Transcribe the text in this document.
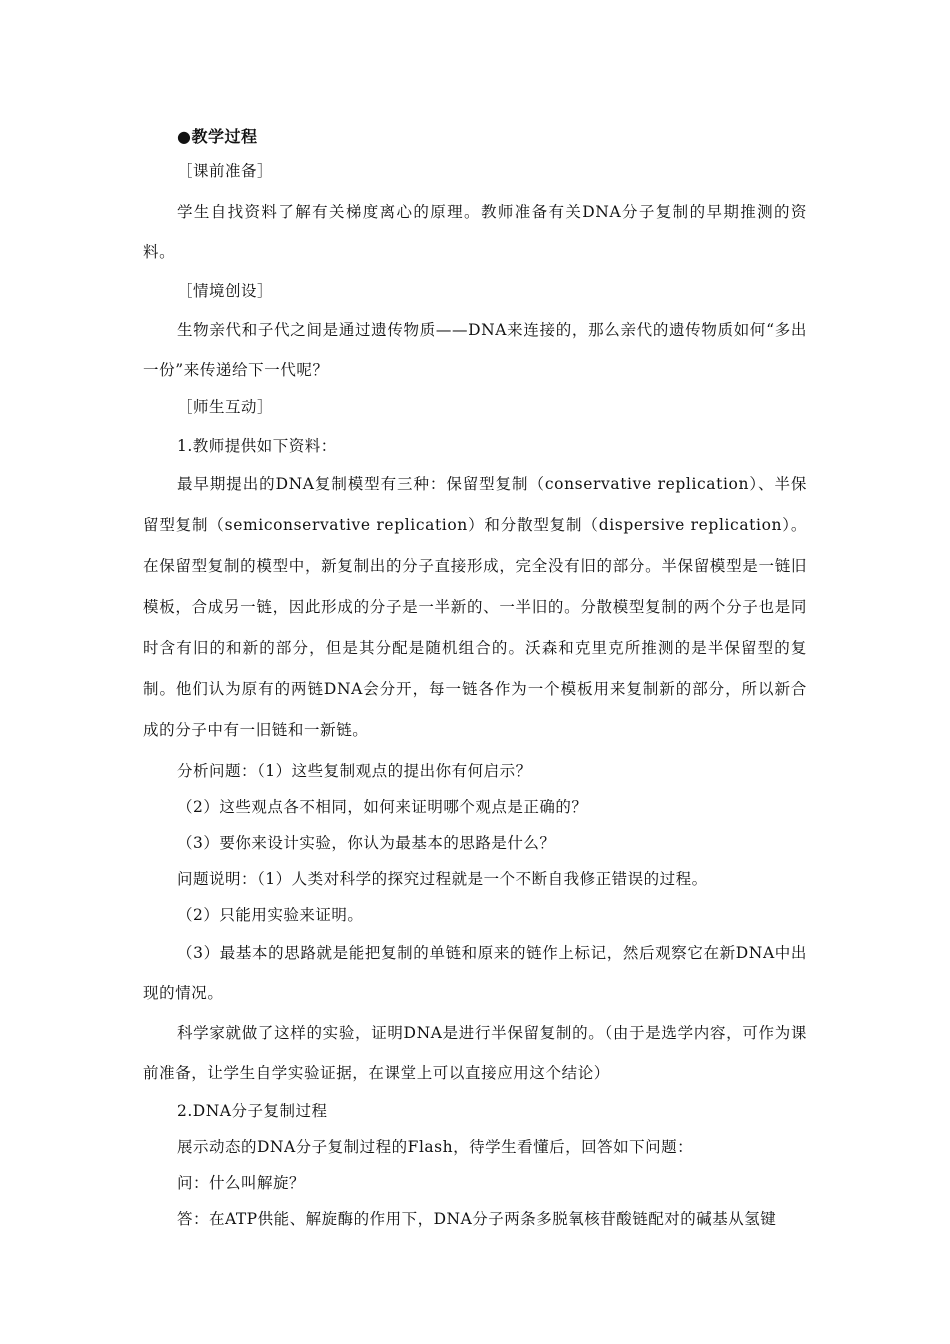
●教学过程
［课前准备］

学生自找资料了解有关梯度离心的原理。教师准备有关DNA分子复制的早期推测的资料。

［情境创设］

生物亲代和子代之间是通过遗传物质——DNA来连接的，那么亲代的遗传物质如何“多出一份”来传递给下一代呢？

［师生互动］
1.教师提供如下资料：

最早期提出的DNA复制模型有三种：保留型复制（conservative replication）、半保留型复制（semiconservative replication）和分散型复制（dispersive replication）。在保留型复制的模型中，新复制出的分子直接形成，完全没有旧的部分。半保留模型是一链旧模板，合成另一链，因此形成的分子是一半新的、一半旧的。分散模型复制的两个分子也是同时含有旧的和新的部分，但是其分配是随机组合的。沃森和克里克所推测的是半保留型的复制。他们认为原有的两链DNA会分开，每一链各作为一个模板用来复制新的部分，所以新合成的分子中有一旧链和一新链。

分析问题：（1）这些复制观点的提出你有何启示？
（2）这些观点各不相同，如何来证明哪个观点是正确的？
（3）要你来设计实验，你认为最基本的思路是什么？
问题说明：（1）人类对科学的探究过程就是一个不断自我修正错误的过程。
（2）只能用实验来证明。

（3）最基本的思路就是能把复制的单链和原来的链作上标记，然后观察它在新DNA中出现的情况。

科学家就做了这样的实验，证明DNA是进行半保留复制的。（由于是选学内容，可作为课前准备，让学生自学实验证据，在课堂上可以直接应用这个结论）

2.DNA分子复制过程
展示动态的DNA分子复制过程的Flash，待学生看懂后，回答如下问题：
问：什么叫解旋？
答：在ATP供能、解旋酶的作用下，DNA分子两条多脱氧核苷酸链配对的碱基从氢键
